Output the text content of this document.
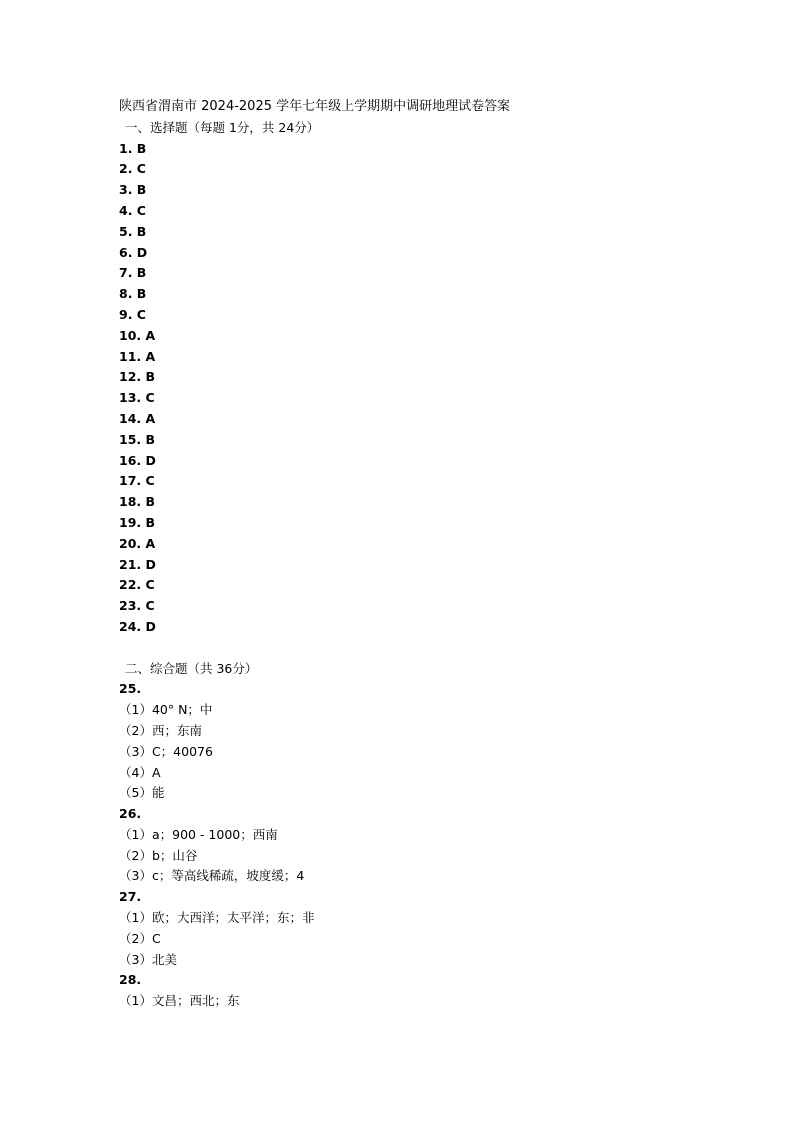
陕西省渭南市 2024-2025 学年七年级上学期期中调研地理试卷答案
一、选择题（每题 1分，共 24分）
1. B
2. C
3. B
4. C
5. B
6. D
7. B
8. B
9. C
10. A
11. A
12. B
13. C
14. A
15. B
16. D
17. C
18. B
19. B
20. A
21. D
22. C
23. C
24. D
二、综合题（共 36分）
25.
（1）40° N；中
（2）西；东南
（3）C；40076
（4）A
（5）能
26.
（1）a；900 - 1000；西南
（2）b；山谷
（3）c；等高线稀疏，坡度缓；4
27.
（1）欧；大西洋；太平洋；东；非
（2）C
（3）北美
28.
（1）文昌；西北；东
